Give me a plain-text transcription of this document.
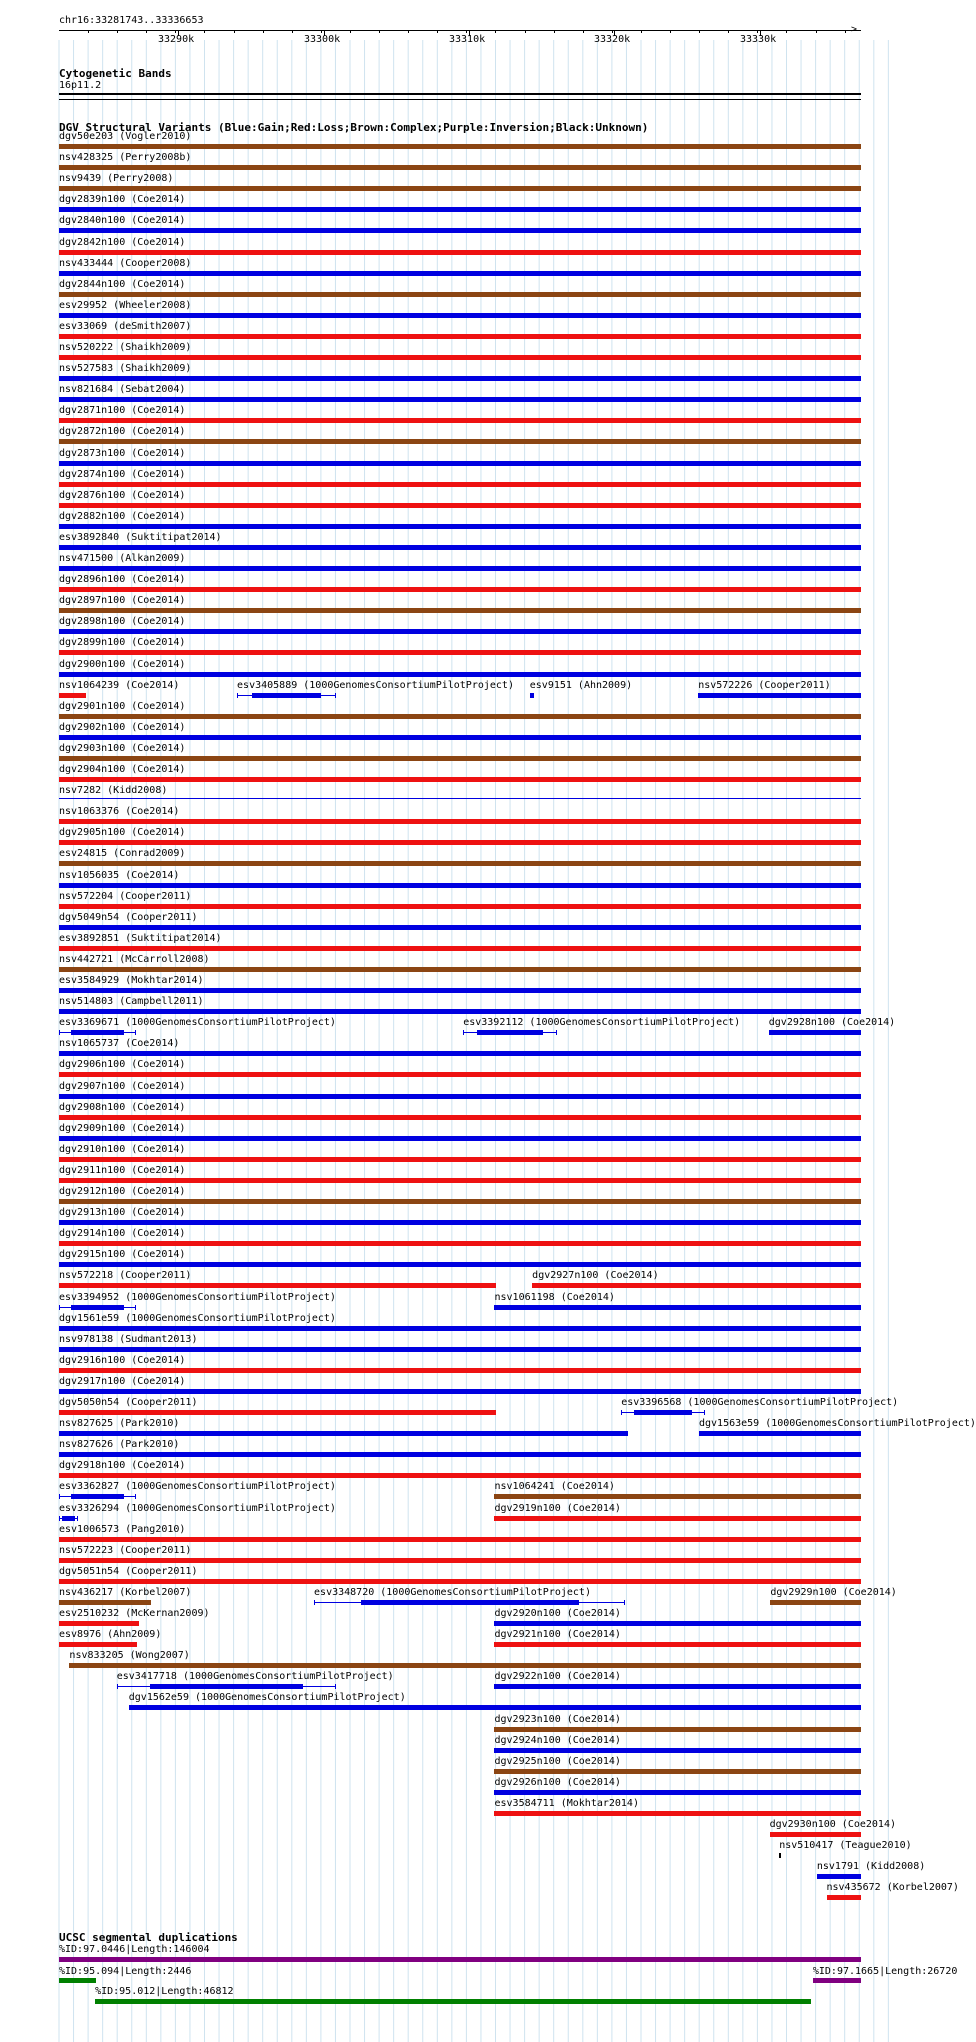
chr16:33281743..33336653
>
33290k	33300k	33310k	33320k	33330k
Cytogenetic Bands
16p11.2
DGV Structural Variants (Blue:Gain;Red:Loss;Brown:Complex;Purple:Inversion;Black:Unknown)
dgv50e203 (Vogler2010)
nsv428325 (Perry2008b)
nsv9439 (Perry2008)
dgv2839n100 (Coe2014)
dgv2840n100 (Coe2014)
dgv2842n100 (Coe2014)
nsv433444 (Cooper2008)
dgv2844n100 (Coe2014)
esv29952 (Wheeler2008)
esv33069 (deSmith2007)
nsv520222 (Shaikh2009)
nsv527583 (Shaikh2009)
nsv821684 (Sebat2004)
dgv2871n100 (Coe2014)
dgv2872n100 (Coe2014)
dgv2873n100 (Coe2014)
dgv2874n100 (Coe2014)
dgv2876n100 (Coe2014)
dgv2882n100 (Coe2014)
esv3892840 (Suktitipat2014)
nsv471500 (Alkan2009)
dgv2896n100 (Coe2014)
dgv2897n100 (Coe2014)
dgv2898n100 (Coe2014)
dgv2899n100 (Coe2014)
dgv2900n100 (Coe2014)
nsv1064239 (Coe2014)	esv3405889 (1000GenomesConsortiumPilotProject) esv9151 (Ahn2009)	nsv572226 (Cooper2011)
dgv2901n100 (Coe2014)
dgv2902n100 (Coe2014)
dgv2903n100 (Coe2014)
dgv2904n100 (Coe2014)
nsv7282 (Kidd2008)
nsv1063376 (Coe2014)
dgv2905n100 (Coe2014)
esv24815 (Conrad2009)
nsv1056035 (Coe2014)
nsv572204 (Cooper2011)
dgv5049n54 (Cooper2011)
esv3892851 (Suktitipat2014)
nsv442721 (McCarroll2008)
esv3584929 (Mokhtar2014)
nsv514803 (Campbell2011)
esv3369671 (1000GenomesConsortiumPilotProject)	esv3392112 (1000GenomesConsortiumPilotProject)	dgv2928n100 (Coe2014)
nsv1065737 (Coe2014)
dgv2906n100 (Coe2014)
dgv2907n100 (Coe2014)
dgv2908n100 (Coe2014)
dgv2909n100 (Coe2014)
dgv2910n100 (Coe2014)
dgv2911n100 (Coe2014)
dgv2912n100 (Coe2014)
dgv2913n100 (Coe2014)
dgv2914n100 (Coe2014)
dgv2915n100 (Coe2014)
nsv572218 (Cooper2011)	dgv2927n100 (Coe2014)
esv3394952 (1000GenomesConsortiumPilotProject)	nsv1061198 (Coe2014)
dgv1561e59 (1000GenomesConsortiumPilotProject)
nsv978138 (Sudmant2013)
dgv2916n100 (Coe2014)
dgv2917n100 (Coe2014)
dgv5050n54 (Cooper2011)	esv3396568 (1000GenomesConsortiumPilotProject)
nsv827625 (Park2010)	dgv1563e59 (1000GenomesConsortiumPilotProject)
nsv827626 (Park2010)
dgv2918n100 (Coe2014)
esv3362827 (1000GenomesConsortiumPilotProject)	nsv1064241 (Coe2014)
esv3326294 (1000GenomesConsortiumPilotProject)	dgv2919n100 (Coe2014)
esv1006573 (Pang2010)
nsv572223 (Cooper2011)
dgv5051n54 (Cooper2011)
nsv436217 (Korbel2007)	esv3348720 (1000GenomesConsortiumPilotProject)	dgv2929n100 (Coe2014)
esv2510232 (McKernan2009)	dgv2920n100 (Coe2014)
esv8976 (Ahn2009)	dgv2921n100 (Coe2014)
nsv833205 (Wong2007)
esv3417718 (1000GenomesConsortiumPilotProject)	dgv2922n100 (Coe2014)
dgv1562e59 (1000GenomesConsortiumPilotProject)
dgv2923n100 (Coe2014)
dgv2924n100 (Coe2014)
dgv2925n100 (Coe2014)
dgv2926n100 (Coe2014)
esv3584711 (Mokhtar2014)
dgv2930n100 (Coe2014)
nsv510417 (Teague2010)
nsv1791 (Kidd2008)
nsv435672 (Korbel2007)
UCSC segmental duplications
%ID:97.0446|Length:146004
%ID:95.094|Length:2446	%ID:97.1665|Length:26720
%ID:95.012|Length:46812
